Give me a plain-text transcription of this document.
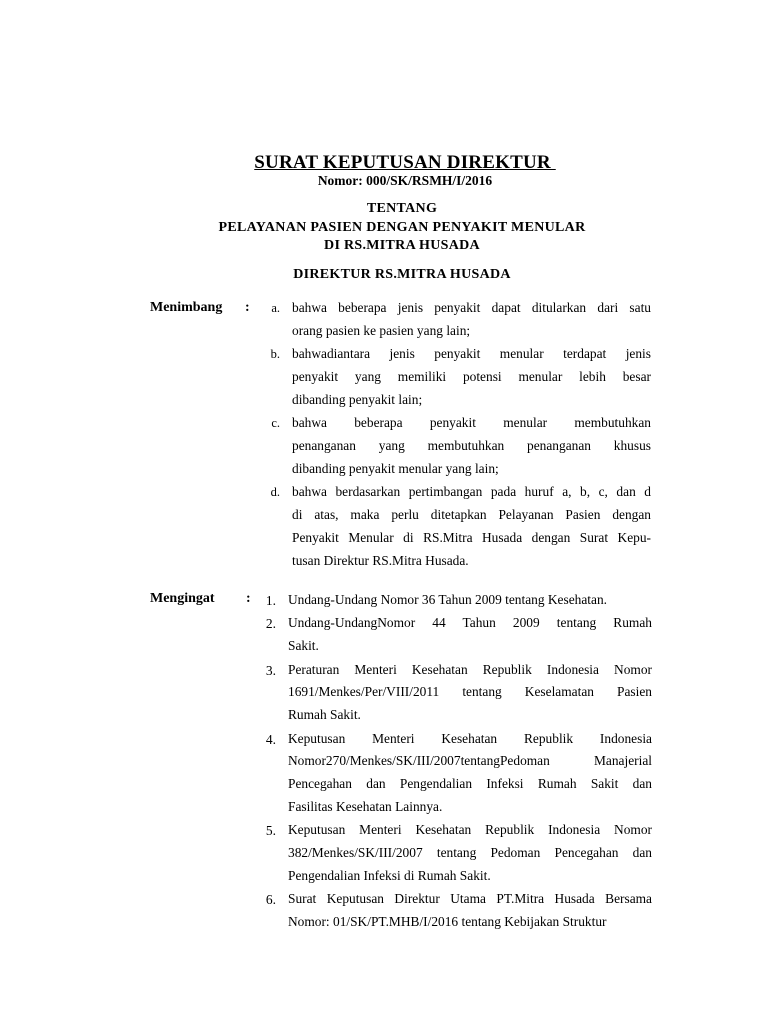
SURAT KEPUTUSAN DIREKTUR
Nomor: 000/SK/RSMH/I/2016
TENTANG
PELAYANAN PASIEN DENGAN PENYAKIT MENULAR
DI RS.MITRA HUSADA
DIREKTUR RS.MITRA HUSADA
Menimbang :	a. bahwa beberapa jenis penyakit dapat ditularkan dari satu
orang pasien ke pasien yang lain;
b. bahwadiantara jenis penyakit menular terdapat jenis
penyakit yang memiliki potensi menular lebih besar
dibanding penyakit lain;
c. bahwa beberapa penyakit menular membutuhkan
penanganan yang membutuhkan penanganan khusus
dibanding penyakit menular yang lain;
d. bahwa berdasarkan pertimbangan pada huruf a, b, c, dan d
di atas, maka perlu ditetapkan Pelayanan Pasien dengan
Penyakit Menular di RS.Mitra Husada dengan Surat Kepu-
tusan Direktur RS.Mitra Husada.
Mengingat :	1. Undang-Undang Nomor 36 Tahun 2009 tentang Kesehatan.
2. Undang-UndangNomor 44 Tahun 2009 tentang Rumah
Sakit.
3. Peraturan Menteri Kesehatan Republik Indonesia Nomor
1691/Menkes/Per/VIII/2011 tentang Keselamatan Pasien
Rumah Sakit.
4. Keputusan Menteri Kesehatan Republik Indonesia
Nomor270/Menkes/SK/III/2007tentangPedoman Manajerial
Pencegahan dan Pengendalian Infeksi Rumah Sakit dan
Fasilitas Kesehatan Lainnya.
5. Keputusan Menteri Kesehatan Republik Indonesia Nomor
382/Menkes/SK/III/2007 tentang Pedoman Pencegahan dan
Pengendalian Infeksi di Rumah Sakit.
6. Surat Keputusan Direktur Utama PT.Mitra Husada Bersama
Nomor: 01/SK/PT.MHB/I/2016 tentang Kebijakan Struktur
